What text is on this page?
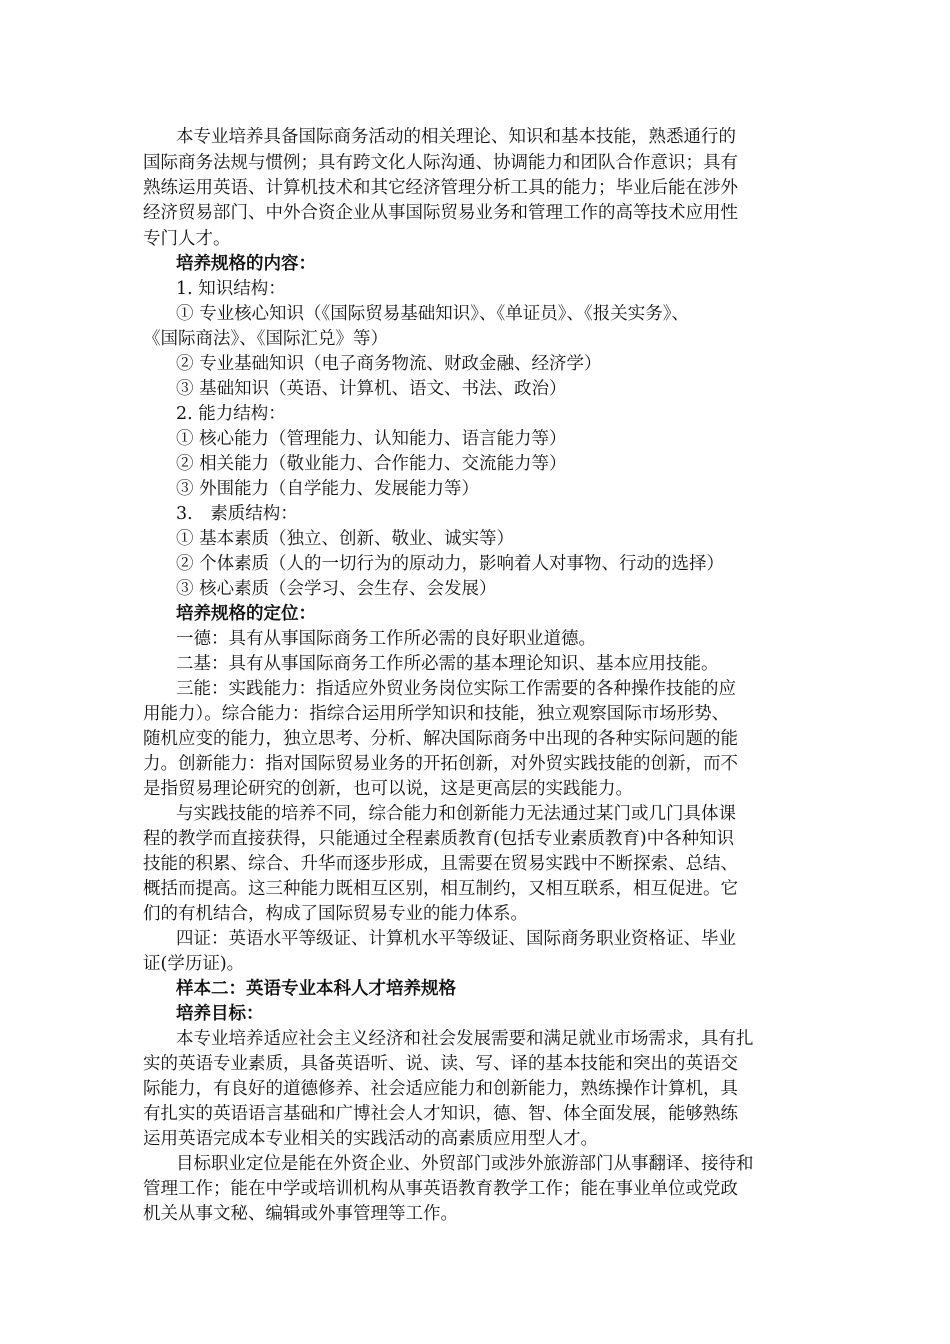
本专业培养具备国际商务活动的相关理论、知识和基本技能，熟悉通行的
国际商务法规与惯例；具有跨文化人际沟通、协调能力和团队合作意识；具有
熟练运用英语、计算机技术和其它经济管理分析工具的能力；毕业后能在涉外
经济贸易部门、中外合资企业从事国际贸易业务和管理工作的高等技术应用性
专门人才。
培养规格的内容：
1. 知识结构：
① 专业核心知识（《国际贸易基础知识》、《单证员》、《报关实务》、
《国际商法》、《国际汇兑》等）
② 专业基础知识（电子商务物流、财政金融、经济学）
③ 基础知识（英语、计算机、语文、书法、政治）
2. 能力结构：
① 核心能力（管理能力、认知能力、语言能力等）
② 相关能力（敬业能力、合作能力、交流能力等）
③ 外围能力（自学能力、发展能力等）
3.　素质结构：
① 基本素质（独立、创新、敬业、诚实等）
② 个体素质（人的一切行为的原动力，影响着人对事物、行动的选择）
③ 核心素质（会学习、会生存、会发展）
培养规格的定位：
一德：具有从事国际商务工作所必需的良好职业道德。
二基：具有从事国际商务工作所必需的基本理论知识、基本应用技能。
三能：实践能力：指适应外贸业务岗位实际工作需要的各种操作技能的应
用能力）。综合能力：指综合运用所学知识和技能，独立观察国际市场形势、
随机应变的能力，独立思考、分析、解决国际商务中出现的各种实际问题的能
力。创新能力：指对国际贸易业务的开拓创新，对外贸实践技能的创新，而不
是指贸易理论研究的创新，也可以说，这是更高层的实践能力。
与实践技能的培养不同，综合能力和创新能力无法通过某门或几门具体课
程的教学而直接获得，只能通过全程素质教育(包括专业素质教育)中各种知识
技能的积累、综合、升华而逐步形成，且需要在贸易实践中不断探索、总结、
概括而提高。这三种能力既相互区别，相互制约，又相互联系，相互促进。它
们的有机结合，构成了国际贸易专业的能力体系。
四证：英语水平等级证、计算机水平等级证、国际商务职业资格证、毕业
证(学历证)。
样本二：英语专业本科人才培养规格
培养目标：
本专业培养适应社会主义经济和社会发展需要和满足就业市场需求，具有扎
实的英语专业素质，具备英语听、说、读、写、译的基本技能和突出的英语交
际能力，有良好的道德修养、社会适应能力和创新能力，熟练操作计算机，具
有扎实的英语语言基础和广博社会人才知识，德、智、体全面发展，能够熟练
运用英语完成本专业相关的实践活动的高素质应用型人才。
目标职业定位是能在外资企业、外贸部门或涉外旅游部门从事翻译、接待和
管理工作；能在中学或培训机构从事英语教育教学工作；能在事业单位或党政
机关从事文秘、编辑或外事管理等工作。
